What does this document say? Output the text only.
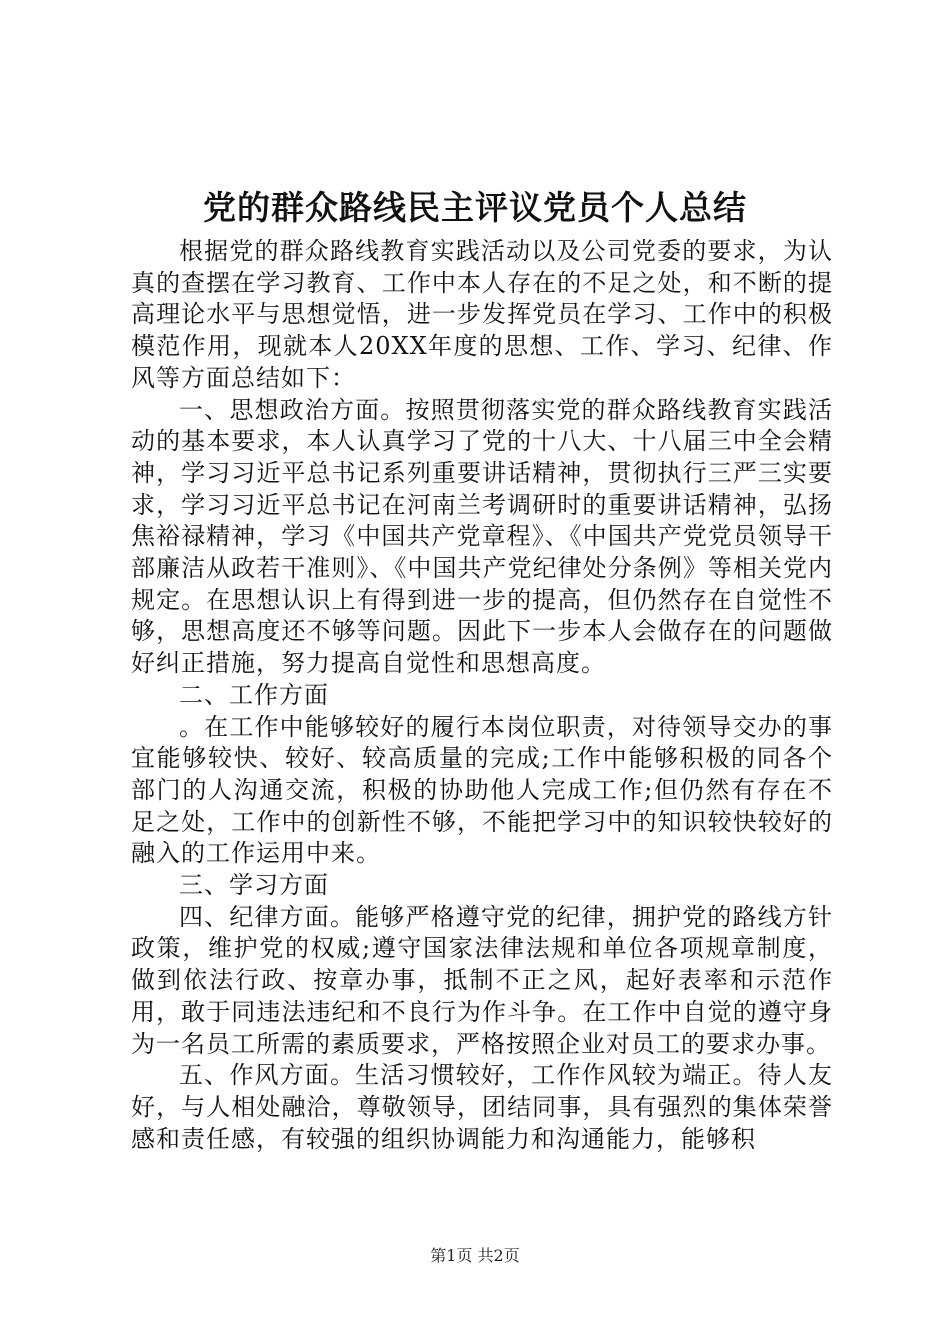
党的群众路线民主评议党员个人总结

根据党的群众路线教育实践活动以及公司党委的要求，为认真的查摆在学习教育、工作中本人存在的不足之处，和不断的提高理论水平与思想觉悟，进一步发挥党员在学习、工作中的积极模范作用，现就本人20XX年度的思想、工作、学习、纪律、作风等方面总结如下：

一、思想政治方面。按照贯彻落实党的群众路线教育实践活动的基本要求，本人认真学习了党的十八大、十八届三中全会精神，学习习近平总书记系列重要讲话精神，贯彻执行三严三实要求，学习习近平总书记在河南兰考调研时的重要讲话精神，弘扬焦裕禄精神，学习《中国共产党章程》、《中国共产党党员领导干部廉洁从政若干准则》、《中国共产党纪律处分条例》等相关党内规定。在思想认识上有得到进一步的提高，但仍然存在自觉性不够，思想高度还不够等问题。因此下一步本人会做存在的问题做好纠正措施，努力提高自觉性和思想高度。

二、工作方面

。在工作中能够较好的履行本岗位职责，对待领导交办的事宜能够较快、较好、较高质量的完成;工作中能够积极的同各个部门的人沟通交流，积极的协助他人完成工作;但仍然有存在不足之处，工作中的创新性不够，不能把学习中的知识较快较好的融入的工作运用中来。

三、学习方面

四、纪律方面。能够严格遵守党的纪律，拥护党的路线方针政策，维护党的权威;遵守国家法律法规和单位各项规章制度，做到依法行政、按章办事，抵制不正之风，起好表率和示范作用，敢于同违法违纪和不良行为作斗争。在工作中自觉的遵守身为一名员工所需的素质要求，严格按照企业对员工的要求办事。

五、作风方面。生活习惯较好，工作作风较为端正。待人友好，与人相处融洽，尊敬领导，团结同事，具有强烈的集体荣誉感和责任感，有较强的组织协调能力和沟通能力，能够积

第1页 共2页
